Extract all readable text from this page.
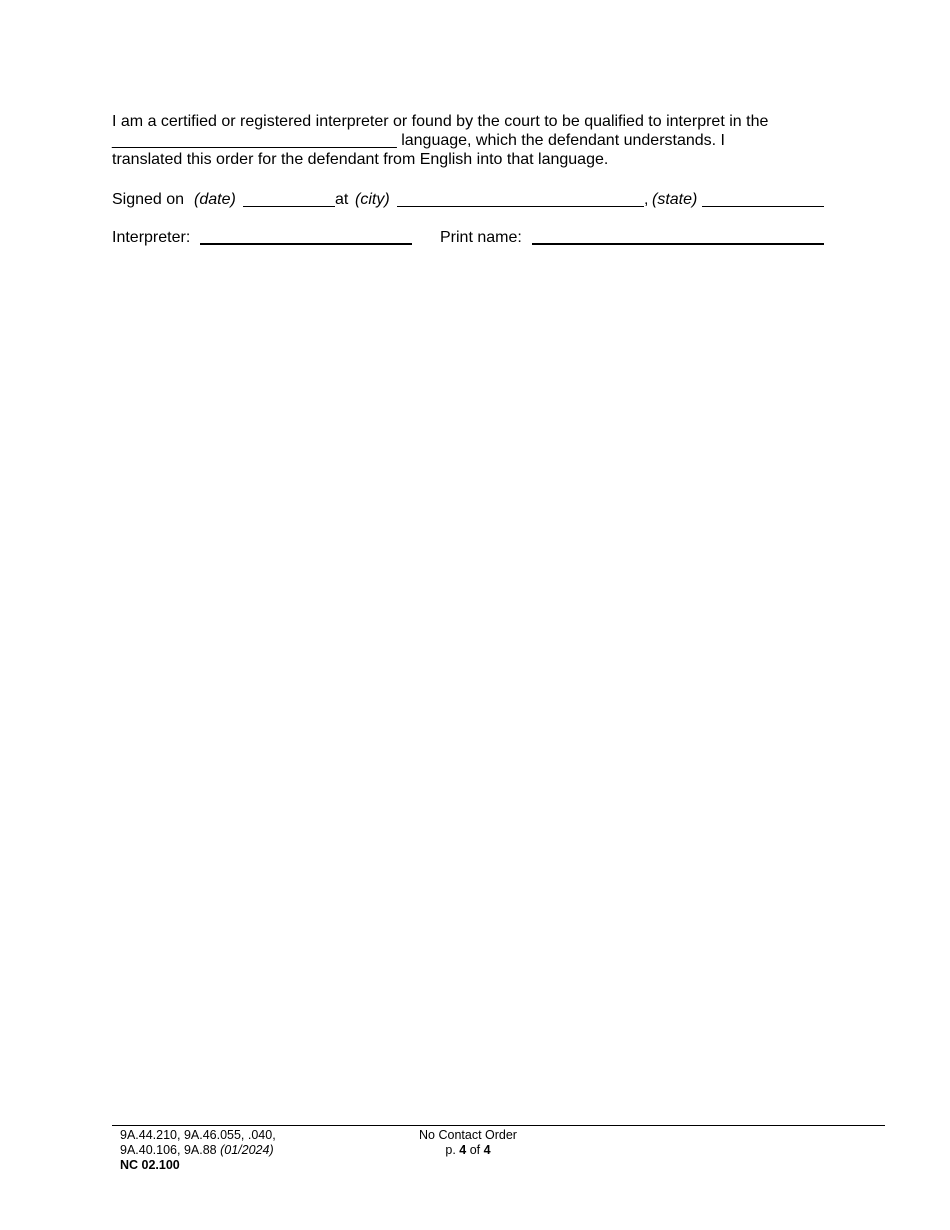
I am a certified or registered interpreter or found by the court to be qualified to interpret in the
________________________________ language, which the defendant understands. I
translated this order for the defendant from English into that language.
Signed on (date)	at (city)	, (state)
Interpreter:	Print name:
9A.44.210, 9A.46.055, .040,
9A.40.106, 9A.88 (01/2024)
NC 02.100
No Contact Order
p. 4 of 4
